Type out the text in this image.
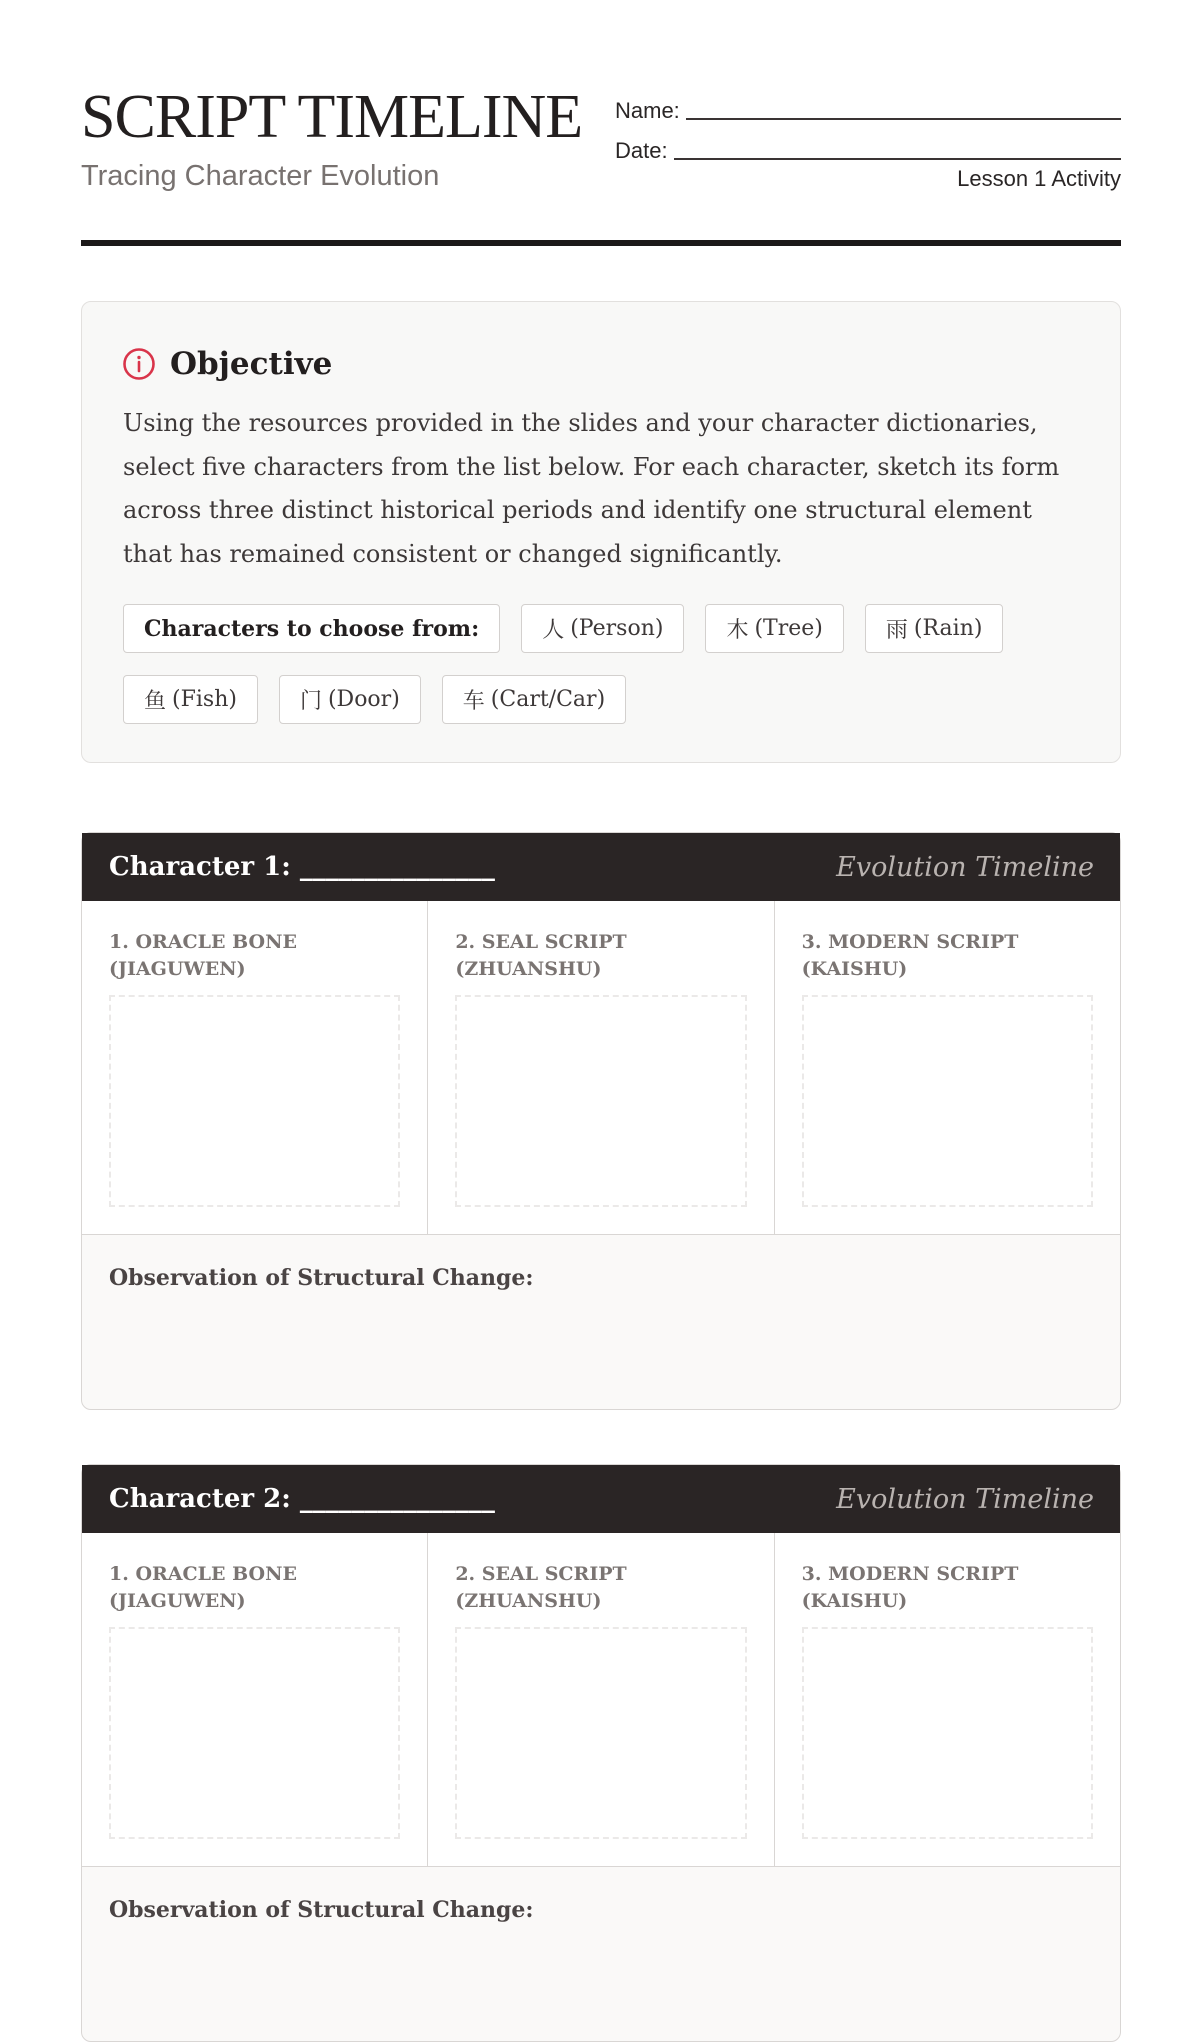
SCRIPT TIMELINE
Tracing Character Evolution
Name:
Date:
Lesson 1 Activity
Objective

Using the resources provided in the slides and your character dictionaries, select five characters from the list below. For each character, sketch its form across three distinct historical periods and identify one structural element that has remained consistent or changed significantly.

Characters to choose from:	人 (Person)	木 (Tree)	雨 (Rain)
鱼 (Fish)	门 (Door)	车 (Cart/Car)
Character 1: _______________	Evolution Timeline
1. ORACLE BONE (JIAGUWEN)
2. SEAL SCRIPT (ZHUANSHU)
3. MODERN SCRIPT (KAISHU)
Observation of Structural Change:
Character 2: _______________	Evolution Timeline
1. ORACLE BONE (JIAGUWEN)
2. SEAL SCRIPT (ZHUANSHU)
3. MODERN SCRIPT (KAISHU)
Observation of Structural Change:
